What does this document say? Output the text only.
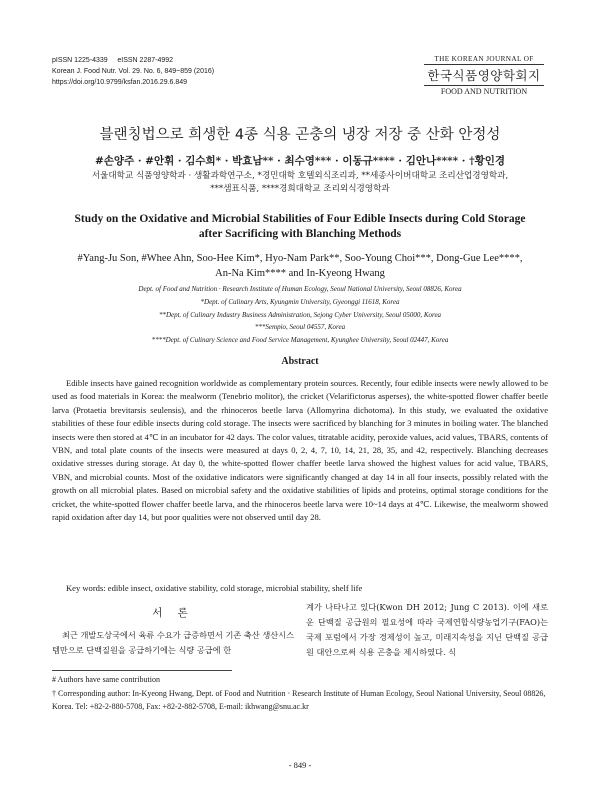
pISSN 1225-4339     eISSN 2287-4992
Korean J. Food Nutr. Vol. 29. No. 6, 849~859 (2016)
https://doi.org/10.9799/ksfan.2016.29.6.849
THE KOREAN JOURNAL OF
한국식품영양학회지
FOOD AND NUTRITION
블랜칭법으로 희생한 4종 식용 곤충의 냉장 저장 중 산화 안정성
#손양주 · #안휘 · 김수희* · 박효남** · 최수영*** · 이동규**** · 김안나**** · †황인경
서울대학교 식품영양학과 · 생활과학연구소, *경민대학 호텔외식조리과, **세종사이버대학교 조리산업경영학과,
***샘표식품, ****경희대학교 조리외식경영학과
Study on the Oxidative and Microbial Stabilities of Four Edible Insects during Cold Storage
after Sacrificing with Blanching Methods
#Yang-Ju Son, #Whee Ahn, Soo-Hee Kim*, Hyo-Nam Park**, Soo-Young Choi***, Dong-Gue Lee****,
An-Na Kim**** and In-Kyeong Hwang
Dept. of Food and Nutrition · Research Institute of Human Ecology, Seoul National University, Seoul 08826, Korea
*Dept. of Culinary Arts, Kyungmin University, Gyeonggi 11618, Korea
**Dept. of Culinary Industry Business Administration, Sejong Cyber University, Seoul 05000, Korea
***Sempio, Seoul 04557, Korea
****Dept. of Culinary Science and Food Service Management, Kyunghee University, Seoul 02447, Korea
Abstract
Edible insects have gained recognition worldwide as complementary protein sources. Recently, four edible insects were newly allowed to be used as food materials in Korea: the mealworm (Tenebrio molitor), the cricket (Velarifictorus asperses), the white-spotted flower chaffer beetle larva (Protaetia brevitarsis seulensis), and the rhinoceros beetle larva (Allomyrina dichotoma). In this study, we evaluated the oxidative stabilities of these four edible insects during cold storage. The insects were sacrificed by blanching for 3 minutes in boiling water. The blanched insects were then stored at 4℃ in an incubator for 42 days. The color values, titratable acidity, peroxide values, acid values, TBARS, contents of VBN, and total plate counts of the insects were measured at days 0, 2, 4, 7, 10, 14, 21, 28, 35, and 42, respectively. Blanching decreases oxidative stresses during storage. At day 0, the white-spotted flower chaffer beetle larva showed the highest values for acid value, TBARS, VBN, and microbial counts. Most of the oxidative indicators were significantly changed at day 14 in all four insects, possibly related with the growth on all microbial plates. Based on microbial safety and the oxidative stabilities of lipids and proteins, optimal storage conditions for the cricket, the white-spotted flower chaffer beetle larva, and the rhinoceros beetle larva were 10~14 days at 4℃. Likewise, the mealworm showed rapid oxidation after day 14, but poor qualities were not observed until day 28.
Key words: edible insect, oxidative stability, cold storage, microbial stability, shelf life
서 론
최근 개발도상국에서 육류 수요가 급증하면서 기존 축산 생산시스템만으로 단백질원을 공급하기에는 식량 공급에 한
계가 나타나고 있다(Kwon DH 2012; Jung C 2013). 이에 새로운 단백질 공급원의 필요성에 따라 국제연합식량농업기구(FAO)는 국제 포럼에서 가장 경제성이 높고, 미래지속성을 지닌 단백질 공급원 대안으로써 식용 곤충을 제시하였다. 식
# Authors have same contribution
† Corresponding author: In-Kyeong Hwang, Dept. of Food and Nutrition · Research Institute of Human Ecology, Seoul National University, Seoul 08826, Korea. Tel: +82-2-880-5708, Fax: +82-2-882-5708, E-mail: ikhwang@snu.ac.kr
- 849 -
